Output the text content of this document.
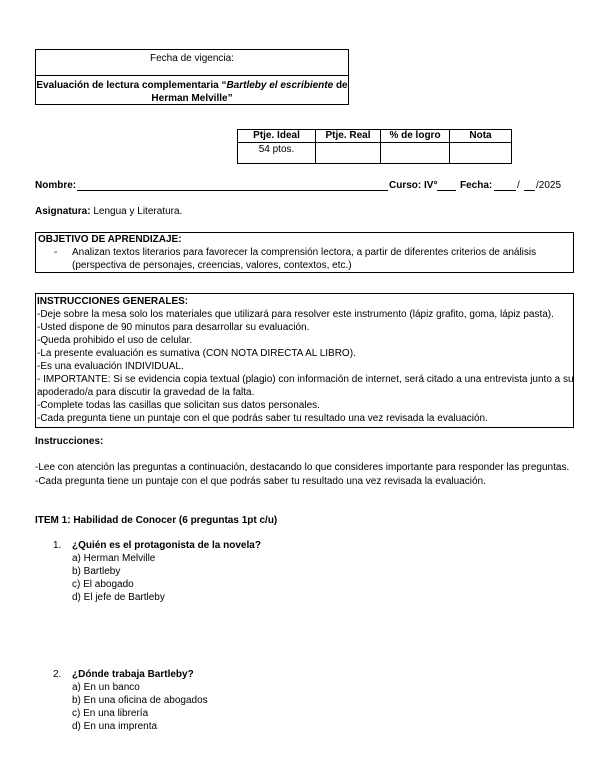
Fecha de vigencia:
Evaluación de lectura complementaria “Bartleby el escribiente de
Herman Melville”
Ptje. Ideal	Ptje. Real	% de logro	Nota
54 ptos.
Nombre:	Curso: IV° Fecha: / /2025
Asignatura: Lengua y Literatura.
OBJETIVO DE APRENDIZAJE:
- Analizan textos literarios para favorecer la comprensión lectora, a partir de diferentes criterios de análisis
(perspectiva de personajes, creencias, valores, contextos, etc.)
INSTRUCCIONES GENERALES:
-Deje sobre la mesa solo los materiales que utilizará para resolver este instrumento (lápiz grafito, goma, lápiz pasta).
-Usted dispone de 90 minutos para desarrollar su evaluación.
-Queda prohibido el uso de celular.
-La presente evaluación es sumativa (CON NOTA DIRECTA AL LIBRO).
-Es una evaluación INDIVIDUAL.
- IMPORTANTE: Si se evidencia copia textual (plagio) con información de internet, será citado a una entrevista junto a su
apoderado/a para discutir la gravedad de la falta.
-Complete todas las casillas que solicitan sus datos personales.
-Cada pregunta tiene un puntaje con el que podrás saber tu resultado una vez revisada la evaluación.
Instrucciones:
-Lee con atención las preguntas a continuación, destacando lo que consideres importante para responder las preguntas.
-Cada pregunta tiene un puntaje con el que podrás saber tu resultado una vez revisada la evaluación.
ITEM 1: Habilidad de Conocer (6 preguntas 1pt c/u)
1. ¿Quién es el protagonista de la novela?
a) Herman Melville
b) Bartleby
c) El abogado
d) El jefe de Bartleby
2. ¿Dónde trabaja Bartleby?
a) En un banco
b) En una oficina de abogados
c) En una librería
d) En una imprenta
